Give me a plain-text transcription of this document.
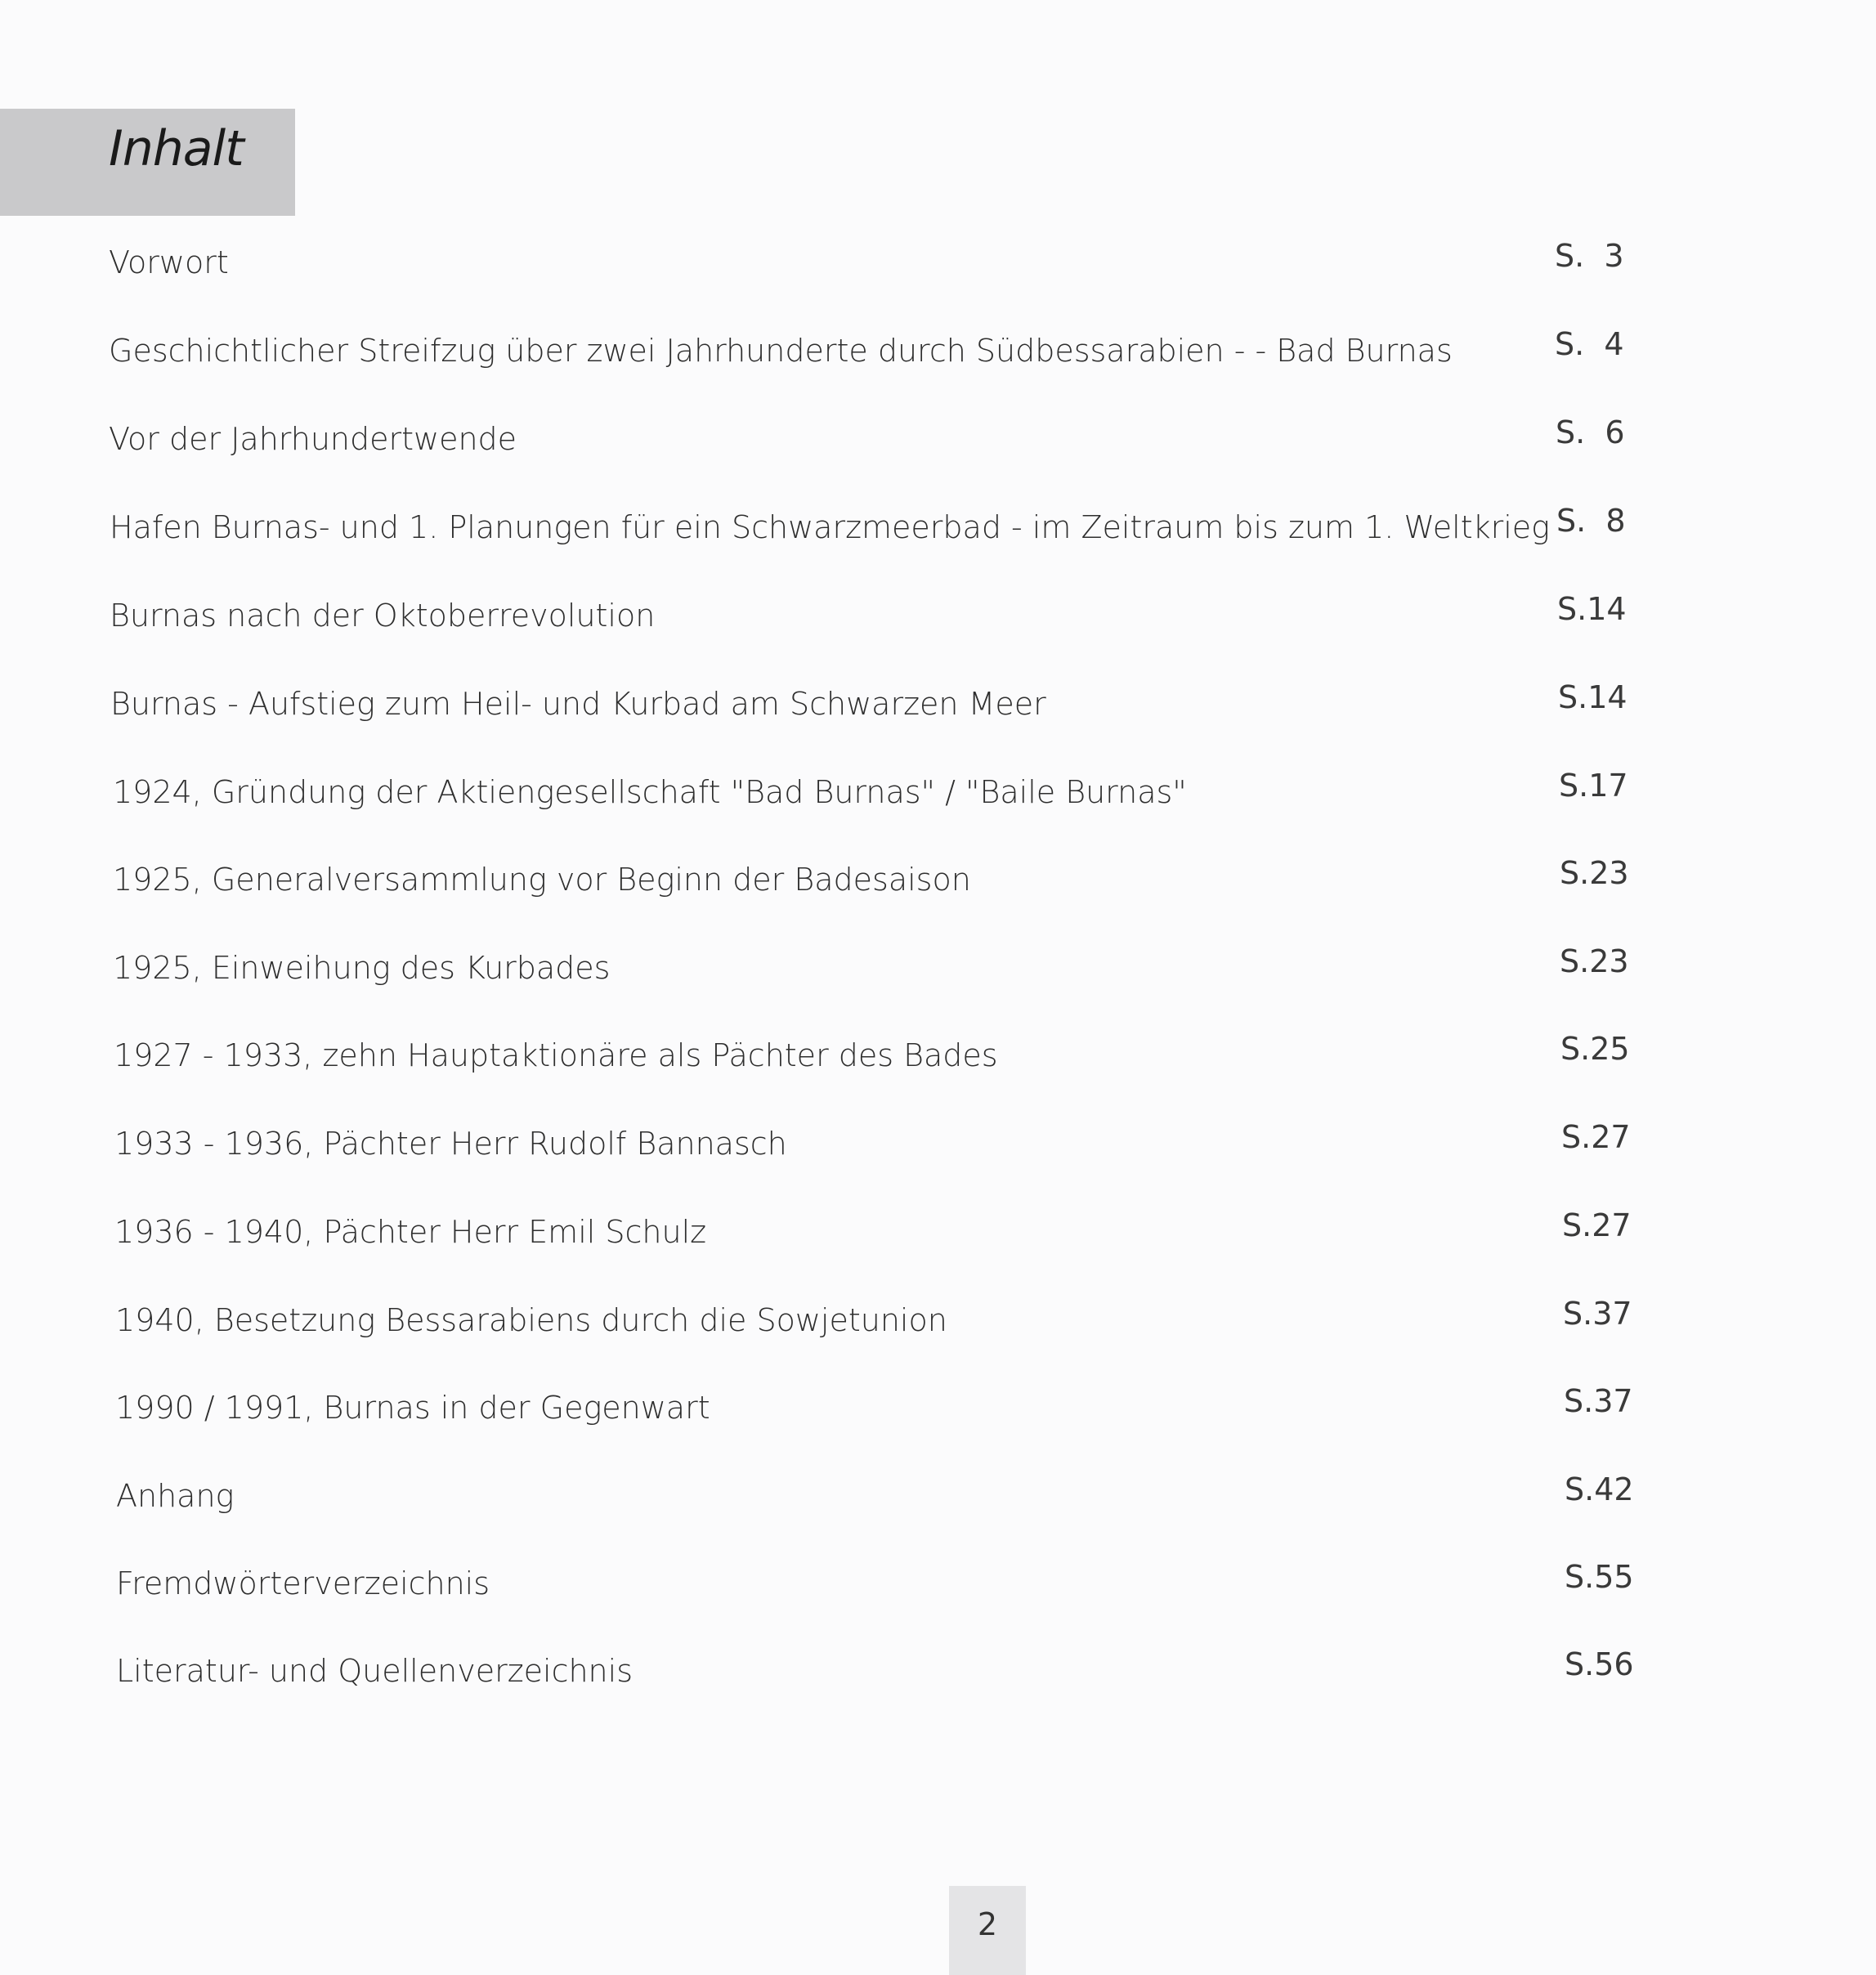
Inhalt
Vorwort	S.  3
Geschichtlicher Streifzug über zwei Jahrhunderte durch Südbessarabien - - Bad Burnas	S.  4
Vor der Jahrhundertwende	S.  6
Hafen Burnas- und 1. Planungen für ein Schwarzmeerbad - im Zeitraum bis zum 1. Weltkrieg S.  8
Burnas nach der Oktoberrevolution	S.14
Burnas - Aufstieg zum Heil- und Kurbad am Schwarzen Meer	S.14
1924, Gründung der Aktiengesellschaft "Bad Burnas" / "Baile Burnas"	S.17
1925, Generalversammlung vor Beginn der Badesaison	S.23
1925, Einweihung des Kurbades	S.23
1927 - 1933, zehn Hauptaktionäre als Pächter des Bades	S.25
1933 - 1936, Pächter Herr Rudolf Bannasch	S.27
1936 - 1940, Pächter Herr Emil Schulz	S.27
1940, Besetzung Bessarabiens durch die Sowjetunion	S.37
1990 / 1991, Burnas in der Gegenwart	S.37
Anhang	S.42
Fremdwörterverzeichnis	S.55
Literatur- und Quellenverzeichnis	S.56
2
